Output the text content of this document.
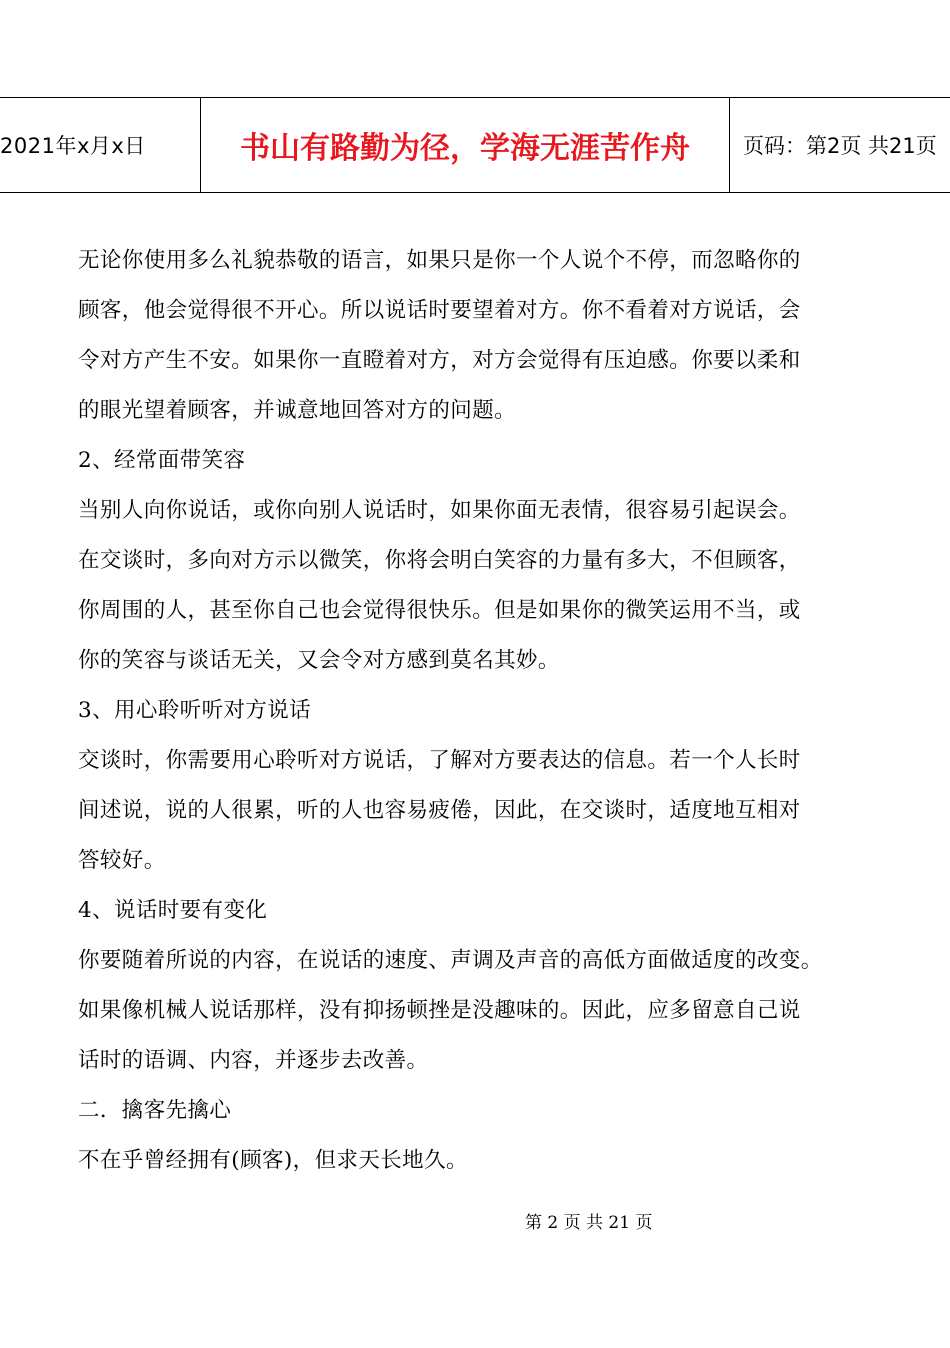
2021年x月x日	书山有路勤为径，学海无涯苦作舟	页码：第2页 共21页
无论你使用多么礼貌恭敬的语言，如果只是你一个人说个不停，而忽略你的
顾客，他会觉得很不开心。所以说话时要望着对方。你不看着对方说话，会
令对方产生不安。如果你一直瞪着对方，对方会觉得有压迫感。你要以柔和
的眼光望着顾客，并诚意地回答对方的问题。
2、经常面带笑容
当别人向你说话，或你向别人说话时，如果你面无表情，很容易引起误会。
在交谈时，多向对方示以微笑，你将会明白笑容的力量有多大，不但顾客，
你周围的人，甚至你自己也会觉得很快乐。但是如果你的微笑运用不当，或
你的笑容与谈话无关，又会令对方感到莫名其妙。
3、用心聆听听对方说话
交谈时，你需要用心聆听对方说话，了解对方要表达的信息。若一个人长时
间述说，说的人很累，听的人也容易疲倦，因此，在交谈时，适度地互相对
答较好。
4、说话时要有变化
你要随着所说的内容，在说话的速度、声调及声音的高低方面做适度的改变。
如果像机械人说话那样，没有抑扬顿挫是没趣味的。因此，应多留意自己说
话时的语调、内容，并逐步去改善。
二．擒客先擒心
不在乎曾经拥有(顾客)，但求天长地久。
第 2 页 共 21 页
